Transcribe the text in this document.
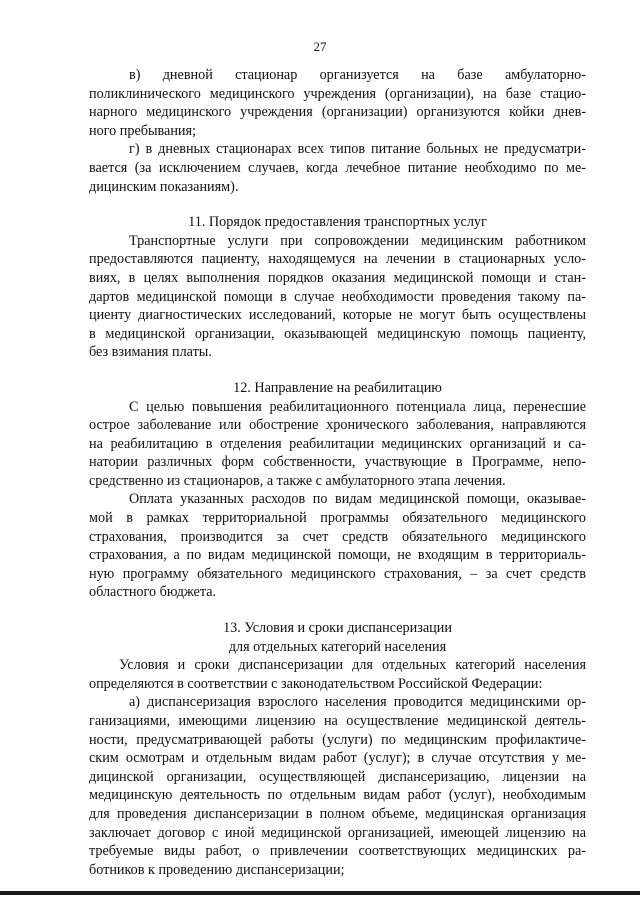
27
в) дневной стационар организуется на базе амбулаторно-
поликлинического медицинского учреждения (организации), на базе стацио-
нарного медицинского учреждения (организации) организуются койки днев-
ного пребывания;
г) в дневных стационарах всех типов питание больных не предусматри-
вается (за исключением случаев, когда лечебное питание необходимо по ме-
дицинским показаниям).
11. Порядок предоставления транспортных услуг
Транспортные услуги при сопровождении медицинским работником
предоставляются пациенту, находящемуся на лечении в стационарных усло-
виях, в целях выполнения порядков оказания медицинской помощи и стан-
дартов медицинской помощи в случае необходимости проведения такому па-
циенту диагностических исследований, которые не могут быть осуществлены
в медицинской организации, оказывающей медицинскую помощь пациенту,
без взимания платы.
12. Направление на реабилитацию
С целью повышения реабилитационного потенциала лица, перенесшие
острое заболевание или обострение хронического заболевания, направляются
на реабилитацию в отделения реабилитации медицинских организаций и са-
натории различных форм собственности, участвующие в Программе, непо-
средственно из стационаров, а также с амбулаторного этапа лечения.
Оплата указанных расходов по видам медицинской помощи, оказывае-
мой в рамках территориальной программы обязательного медицинского
страхования, производится за счет средств обязательного медицинского
страхования, а по видам медицинской помощи, не входящим в территориаль-
ную программу обязательного медицинского страхования, – за счет средств
областного бюджета.
13. Условия и сроки диспансеризации
для отдельных категорий населения
Условия и сроки диспансеризации для отдельных категорий населения
определяются в соответствии с законодательством Российской Федерации:
а) диспансеризация взрослого населения проводится медицинскими ор-
ганизациями, имеющими лицензию на осуществление медицинской деятель-
ности, предусматривающей работы (услуги) по медицинским профилактиче-
ским осмотрам и отдельным видам работ (услуг); в случае отсутствия у ме-
дицинской организации, осуществляющей диспансеризацию, лицензии на
медицинскую деятельность по отдельным видам работ (услуг), необходимым
для проведения диспансеризации в полном объеме, медицинская организация
заключает договор с иной медицинской организацией, имеющей лицензию на
требуемые виды работ, о привлечении соответствующих медицинских ра-
ботников к проведению диспансеризации;
